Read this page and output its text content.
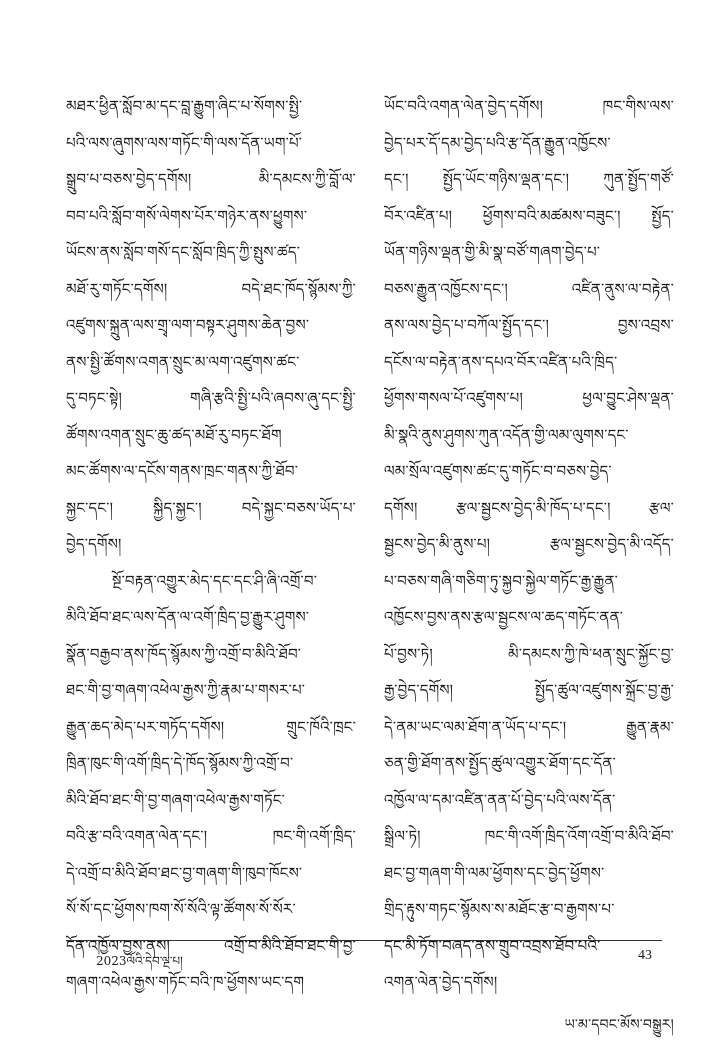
མཐར་ཕྱིན་སློབ་མ་དང་བླ་རྒྱུག་ཞིང་པ་སོགས་སྤྱི་
པའི་ལས་ཞུགས་ལས་གཏོང་གི་ལས་དོན་ཡག་པོ་
སྒྲུབ་པ་བཅས་བྱེད་དགོས། མི་དམངས་ཀྱི་བློ་ལ་
བབ་པའི་སློབ་གསོ་ལེགས་པོར་གཉེར་ནས་ཕྱུགས་
ཡོངས་ནས་སློབ་གསོ་དང་སློབ་ཁྲིད་ཀྱི་སྤུས་ཚད་
མཐོ་རུ་གཏོང་དགོས། བདེ་ཐང་ཁོད་སྙོམས་ཀྱི་
འཛུགས་སྐྲུན་ལས་གྲྭ་ལག་བསྟར་ཤུགས་ཆེན་བྱས་
ནས་སྤྱི་ཚོགས་འགན་སྲུང་མ་ལག་འཛུགས་ཚང་
དུ་བཏང་སྟེ། གཞི་རྩའི་སྤྱི་པའི་ཞབས་ཞུ་དང་སྤྱི་
ཚོགས་འགན་སྲུང་ཆུ་ཚད་མཐོ་རུ་བཏང་ཐོག
མང་ཚོགས་ལ་དངོས་གནས་ཁྲང་གནས་ཀྱི་ཐོབ་
སྐྱང་དང་། སྐྱིད་སྐྱང་། བདེ་སྐྱང་བཅས་ཡོད་པ་
བྱེད་དགོས།
སྔོ་བརྟན་འགྱུར་མེད་དང་དང་ཤི་ཞི་འགྲོ་བ་
མིའི་ཐོབ་ཐང་ལས་དོན་ལ་འགོ་ཁྲིད་བྱ་རྒྱུར་ཤུགས་
སྣོན་བརྒྱབ་ནས་ཁོད་སྙོམས་ཀྱི་འགྲོ་བ་མིའི་ཐོབ་
ཐང་གི་བྱ་གཞག་འཕེལ་རྒྱས་ཀྱི་རྣམ་པ་གསར་པ་
རྒྱུན་ཆད་མེད་པར་གཏོད་དགོས། གྲུང་ཁོའི་ཁྲང་
ཁྲིན་ཁུང་གི་འགོ་ཁྲིད་དེ་ཁོད་སྙོམས་ཀྱི་འགྲོ་བ་
མིའི་ཐོབ་ཐང་གི་བྱ་གཞག་འཕེལ་རྒྱས་གཏོང་
བའི་རྩ་བའི་འགན་ལེན་དང་། ཁང་གི་འགོ་ཁྲིད་
དེ་འགྲོ་བ་མིའི་ཐོབ་ཐང་བྱ་གཞག་གི་ཁུབ་ཁོངས་
སོ་སོ་དང་ཕྱོགས་ཁག་སོ་སོའི་ལྟ་ཚོགས་སོ་སོར་
དོན་འཁྱོལ་བྱས་ནས། འགྲོ་བ་མིའི་ཐོབ་ཐང་གི་བྱ་
གཞག་འཕེལ་རྒྱས་གཏོང་བའི་ཁ་ཕྱོགས་ཡང་དག
ཡོང་བའི་འགན་ལེན་བྱེད་དགོས། ཁང་གིས་ལས་
བྱེད་པར་དོ་དམ་བྱེད་པའི་རྩ་དོན་རྒྱུན་འཁྱོངས་
དང་། སྤྱོད་ཡོང་གཉིས་ལྡན་དང་། ཀུན་སྤྱོད་གཙོ་
བོར་འཛིན་པ། ཕྱོགས་བའི་མཚམས་བཟུང་། སྤྱོད་
ཡོན་གཉིས་ལྡན་གྱི་མི་སྣ་བཙོ་གཞག་བྱེད་པ་
བཅས་རྒྱུན་འཁྱོངས་དང་། འཛིན་ནུས་ལ་བརྟེན་
ནས་ལས་བྱེད་པ་བཀོལ་སྤྱོད་དང་། བྱས་འབྲས་
དངོས་ལ་བརྟེན་ནས་དཔའ་བོར་འཛིན་པའི་ཁྲིད་
ཕྱོགས་གསལ་པོ་འཛུགས་པ། ཕྱལ་བྱུང་ཤེས་ལྡན་
མི་སྣའི་ནུས་ཤུགས་ཀུན་འདོན་གྱི་ལམ་ལུགས་དང་
ལམ་སྲོལ་འཛུགས་ཚང་དུ་གཏོང་བ་བཅས་བྱེད་
དགོས། རྩལ་སྦྱངས་བྱེད་མི་ཁོད་པ་དང་། རྩལ་
སྦྱངས་བྱེད་མི་ནུས་པ། རྩལ་སྦྱངས་བྱེད་མི་འདོད་
པ་བཅས་གཞི་གཅིག་ཏུ་སྐྱབ་སྐྱེལ་གཏོང་རྒྱ་རྒྱུན་
འཁྱོངས་བྱས་ནས་རྩལ་སྦྱངས་ལ་ཆད་གཏོང་ནན་
པོ་བྱས་ཏེ། མི་དམངས་ཀྱི་ཁེ་ཕན་སྲུང་སྐྱོང་བྱ་
རྒྱ་བྱེད་དགོས། སྤྱོད་ཚུལ་འཛུགས་སྐྲོང་བྱ་རྒྱ་
དེ་ནམ་ཡང་ལམ་ཐོག་ན་ཡོད་པ་དང་། རྒྱུན་རྣམ་
ཅན་གྱི་ཐོག་ནས་སྤྱོད་ཚུལ་འགྱུར་ཐོག་དང་དོན་
འཁྱོལ་ལ་དམ་འཛིན་ནན་པོ་བྱེད་པའི་ལས་དོན་
སྒྲིལ་ཏེ། ཁང་གི་འགོ་ཁྲིད་འོག་འགྲོ་བ་མིའི་ཐོབ་
ཐང་བྱ་གཞག་གི་ལམ་ཕྱོགས་དང་བྱེད་ཕྱོགས་
གྲིད་རྟུས་གཏང་སྙོམས་ས་མཐོང་རྩ་བ་རྒྱགས་པ་
དང་མི་ཏོག་བཞད་ནས་གྲུབ་འབྲས་ཐོབ་པའི་
འགན་ལེན་བྱེད་དགོས།
ཡ་མ་དབང་མོས་བསྒྱུར།
2023ལོའི་དེབ་ལྔ་པ།	43
